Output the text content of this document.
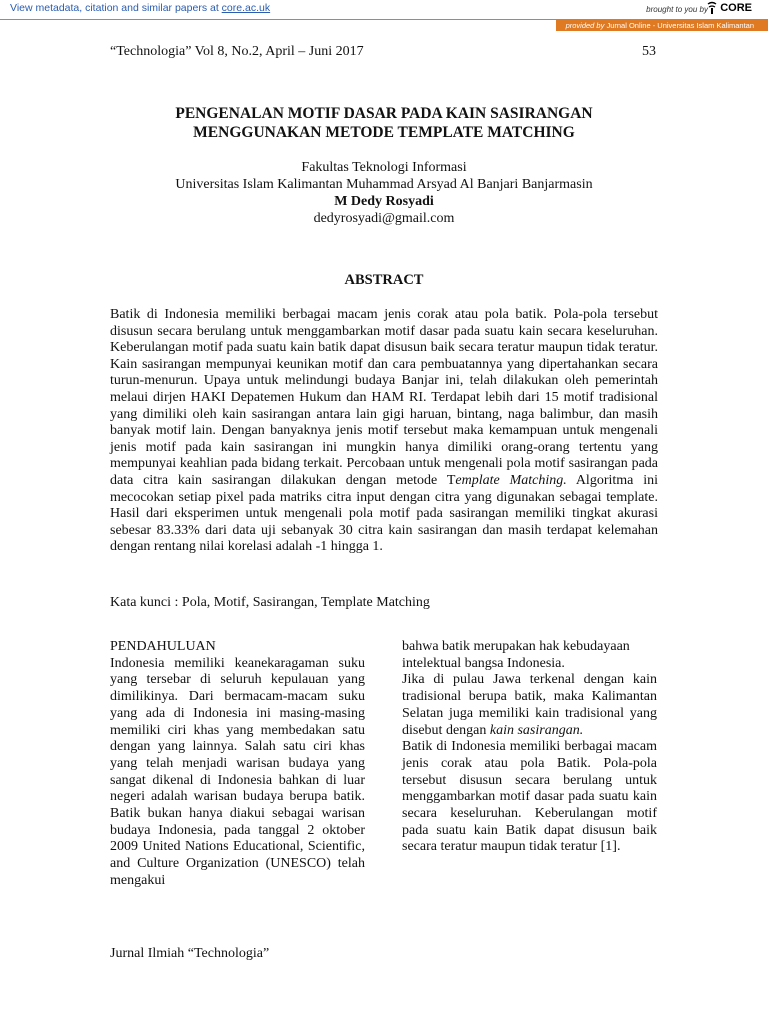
View metadata, citation and similar papers at core.ac.uk	brought to you by CORE
provided by Jurnal Online - Universitas Islam Kalimantan
“Technologia” Vol 8, No.2, April – Juni 2017	53
PENGENALAN MOTIF DASAR PADA KAIN SASIRANGAN
MENGGUNAKAN METODE TEMPLATE MATCHING
Fakultas Teknologi Informasi
Universitas Islam Kalimantan Muhammad Arsyad Al Banjari Banjarmasin
M Dedy Rosyadi
dedyrosyadi@gmail.com
ABSTRACT
Batik di Indonesia memiliki berbagai macam jenis corak atau pola batik. Pola-pola tersebut disusun secara berulang untuk menggambarkan motif dasar pada suatu kain secara keseluruhan. Keberulangan motif pada suatu kain batik dapat disusun baik secara teratur maupun tidak teratur. Kain sasirangan mempunyai keunikan motif dan cara pembuatannya yang dipertahankan secara turun-menurun. Upaya untuk melindungi budaya Banjar ini, telah dilakukan oleh pemerintah melaui dirjen HAKI Depatemen Hukum dan HAM RI. Terdapat lebih dari 15 motif tradisional yang dimiliki oleh kain sasirangan antara lain gigi haruan, bintang, naga balimbur, dan masih banyak motif lain. Dengan banyaknya jenis motif tersebut maka kemampuan untuk mengenali jenis motif pada kain sasirangan ini mungkin hanya dimiliki orang-orang tertentu yang mempunyai keahlian pada bidang terkait. Percobaan untuk mengenali pola motif sasirangan pada data citra kain sasirangan dilakukan dengan metode Template Matching. Algoritma ini mecocokan setiap pixel pada matriks citra input dengan citra yang digunakan sebagai template. Hasil dari eksperimen untuk mengenali pola motif pada sasirangan memiliki tingkat akurasi sebesar 83.33% dari data uji sebanyak 30 citra kain sasirangan dan masih terdapat kelemahan dengan rentang nilai korelasi adalah -1 hingga 1.
Kata kunci : Pola, Motif, Sasirangan, Template Matching

PENDAHULUAN

Indonesia memiliki keanekaragaman suku yang tersebar di seluruh kepulauan yang dimilikinya. Dari bermacam-macam suku yang ada di Indonesia ini masing-masing memiliki ciri khas yang membedakan satu dengan yang lainnya. Salah satu ciri khas yang telah menjadi warisan budaya yang sangat dikenal di Indonesia bahkan di luar negeri adalah warisan budaya berupa batik. Batik bukan hanya diakui sebagai warisan budaya Indonesia, pada tanggal 2 oktober 2009 United Nations Educational, Scientific, and Culture Organization (UNESCO) telah mengakui

bahwa batik merupakan hak kebudayaan intelektual bangsa Indonesia.

Jika di pulau Jawa terkenal dengan kain tradisional berupa batik, maka Kalimantan Selatan juga memiliki kain tradisional yang disebut dengan kain sasirangan.

Batik di Indonesia memiliki berbagai macam jenis corak atau pola Batik. Pola-pola tersebut disusun secara berulang untuk menggambarkan motif dasar pada suatu kain secara keseluruhan. Keberulangan motif pada suatu kain Batik dapat disusun baik secara teratur maupun tidak teratur [1].

Jurnal Ilmiah “Technologia”
